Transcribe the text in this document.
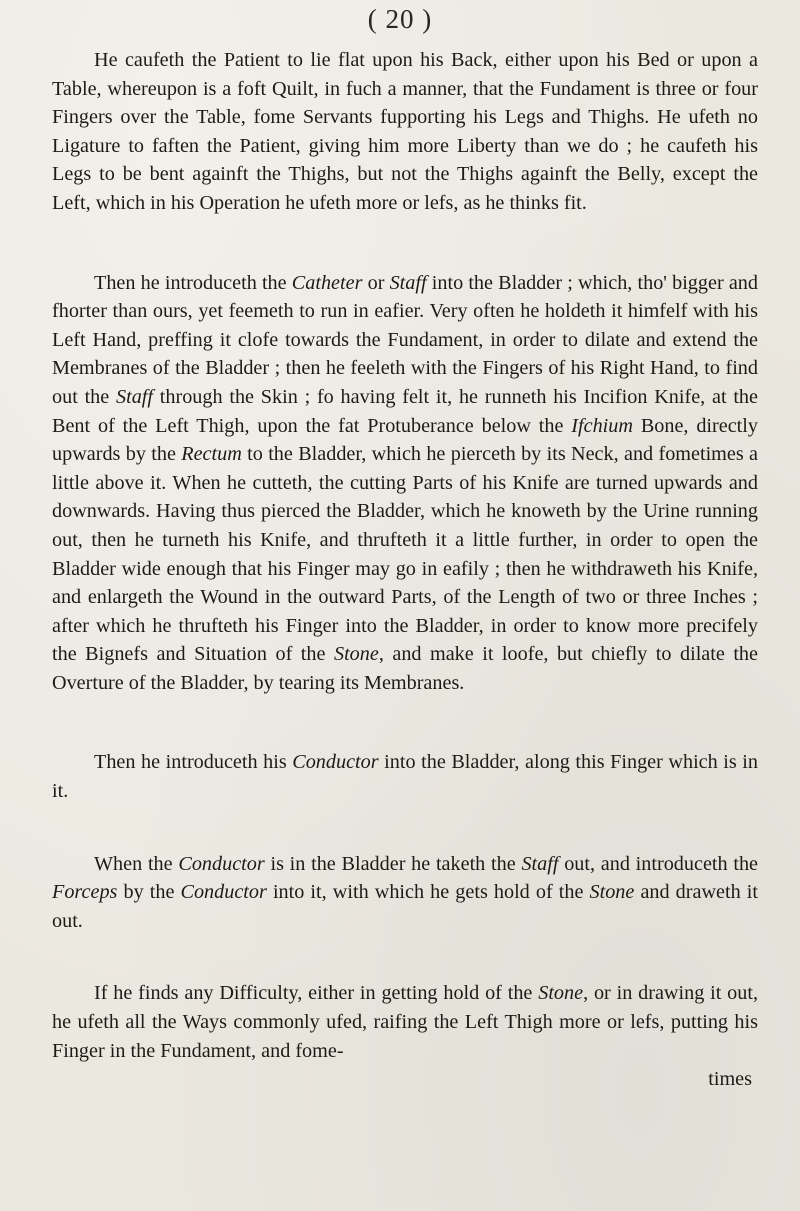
( 20 )

He caufeth the Patient to lie flat upon his Back, either upon his Bed or upon a Table, whereupon is a foft Quilt, in fuch a manner, that the Fundament is three or four Fingers over the Table, fome Servants fupporting his Legs and Thighs. He ufeth no Ligature to faften the Patient, giving him more Liberty than we do ; he caufeth his Legs to be bent againft the Thighs, but not the Thighs againft the Belly, except the Left, which in his Operation he ufeth more or lefs, as he thinks fit.

Then he introduceth the Catheter or Staff into the Bladder ; which, tho' bigger and fhorter than ours, yet feemeth to run in eafier. Very often he holdeth it himfelf with his Left Hand, preffing it clofe towards the Fundament, in order to dilate and extend the Membranes of the Bladder ; then he feeleth with the Fingers of his Right Hand, to find out the Staff through the Skin ; fo having felt it, he runneth his Incifion Knife, at the Bent of the Left Thigh, upon the fat Protuberance below the Ifchium Bone, directly upwards by the Rectum to the Bladder, which he pierceth by its Neck, and fometimes a little above it. When he cutteth, the cutting Parts of his Knife are turned upwards and downwards. Having thus pierced the Bladder, which he knoweth by the Urine running out, then he turneth his Knife, and thrufteth it a little further, in order to open the Bladder wide enough that his Finger may go in eafily ; then he withdraweth his Knife, and enlargeth the Wound in the outward Parts, of the Length of two or three Inches ; after which he thrufteth his Finger into the Bladder, in order to know more precifely the Bignefs and Situation of the Stone, and make it loofe, but chiefly to dilate the Overture of the Bladder, by tearing its Membranes.

Then he introduceth his Conductor into the Bladder, along this Finger which is in it.

When the Conductor is in the Bladder he taketh the Staff out, and introduceth the Forceps by the Conductor into it, with which he gets hold of the Stone and draweth it out.

If he finds any Difficulty, either in getting hold of the Stone, or in drawing it out, he ufeth all the Ways commonly ufed, raifing the Left Thigh more or lefs, putting his Finger in the Fundament, and fome-

times
